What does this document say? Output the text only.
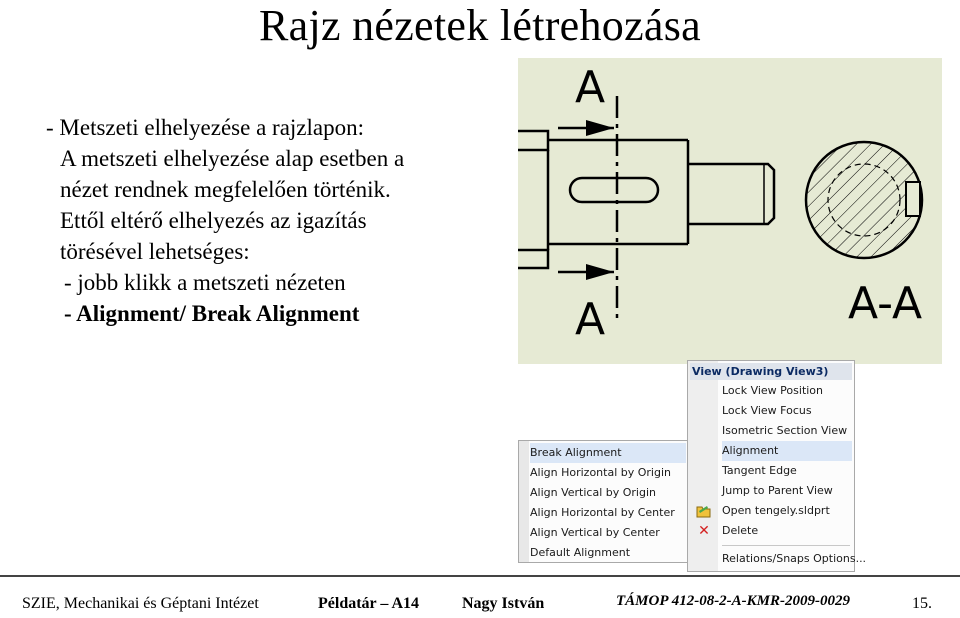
Rajz nézetek létrehozása
- Metszeti elhelyezése a rajzlapon:
A metszeti elhelyezése alap esetben a
nézet rendnek megfelelően történik.
Ettől eltérő elhelyezés az igazítás
törésével lehetséges:
- jobb klikk a metszeti nézeten
- Alignment/ Break Alignment
A
A	A-A
Break Alignment
Align Horizontal by Origin
Align Vertical by Origin
Align Horizontal by Center
Align Vertical by Center
Default Alignment
View (Drawing View3)
Lock View Position
Lock View Focus
Isometric Section View
Alignment
Tangent Edge
Jump to Parent View
Open tengely.sldprt
✕ Delete
Relations/Snaps Options...
SZIE, Mechanikai és Géptani Intézet	Példatár – A14	Nagy István	TÁMOP 412-08-2-A-KMR-2009-0029	15.
